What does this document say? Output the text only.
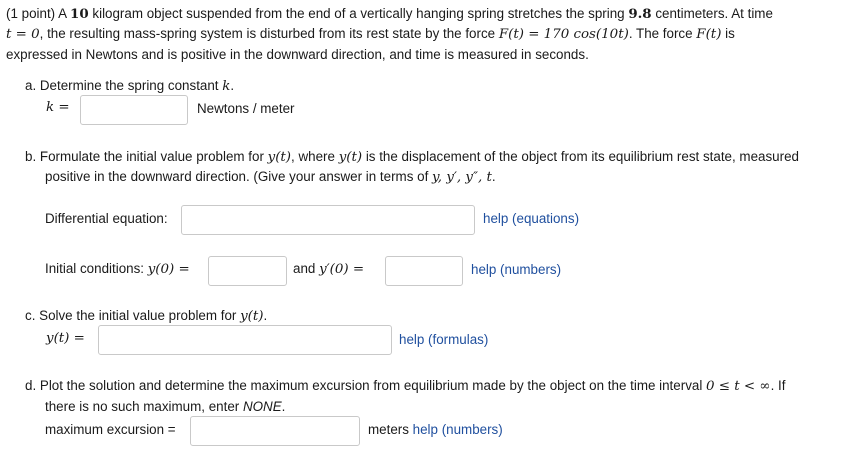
(1 point) A 10 kilogram object suspended from the end of a vertically hanging spring stretches the spring 9.8 centimeters. At time
t = 0, the resulting mass-spring system is disturbed from its rest state by the force F(t) = 170 cos(10t). The force F(t) is
expressed in Newtons and is positive in the downward direction, and time is measured in seconds.
a. Determine the spring constant k.
k =	Newtons / meter
b. Formulate the initial value problem for y(t), where y(t) is the displacement of the object from its equilibrium rest state, measured
positive in the downward direction. (Give your answer in terms of y, y′, y″, t.
Differential equation:	help (equations)
Initial conditions: y(0) =	and y′(0) =	help (numbers)
c. Solve the initial value problem for y(t).
y(t) =	help (formulas)
d. Plot the solution and determine the maximum excursion from equilibrium made by the object on the time interval 0 ≤ t < ∞. If
there is no such maximum, enter NONE.
maximum excursion =	meters help (numbers)
